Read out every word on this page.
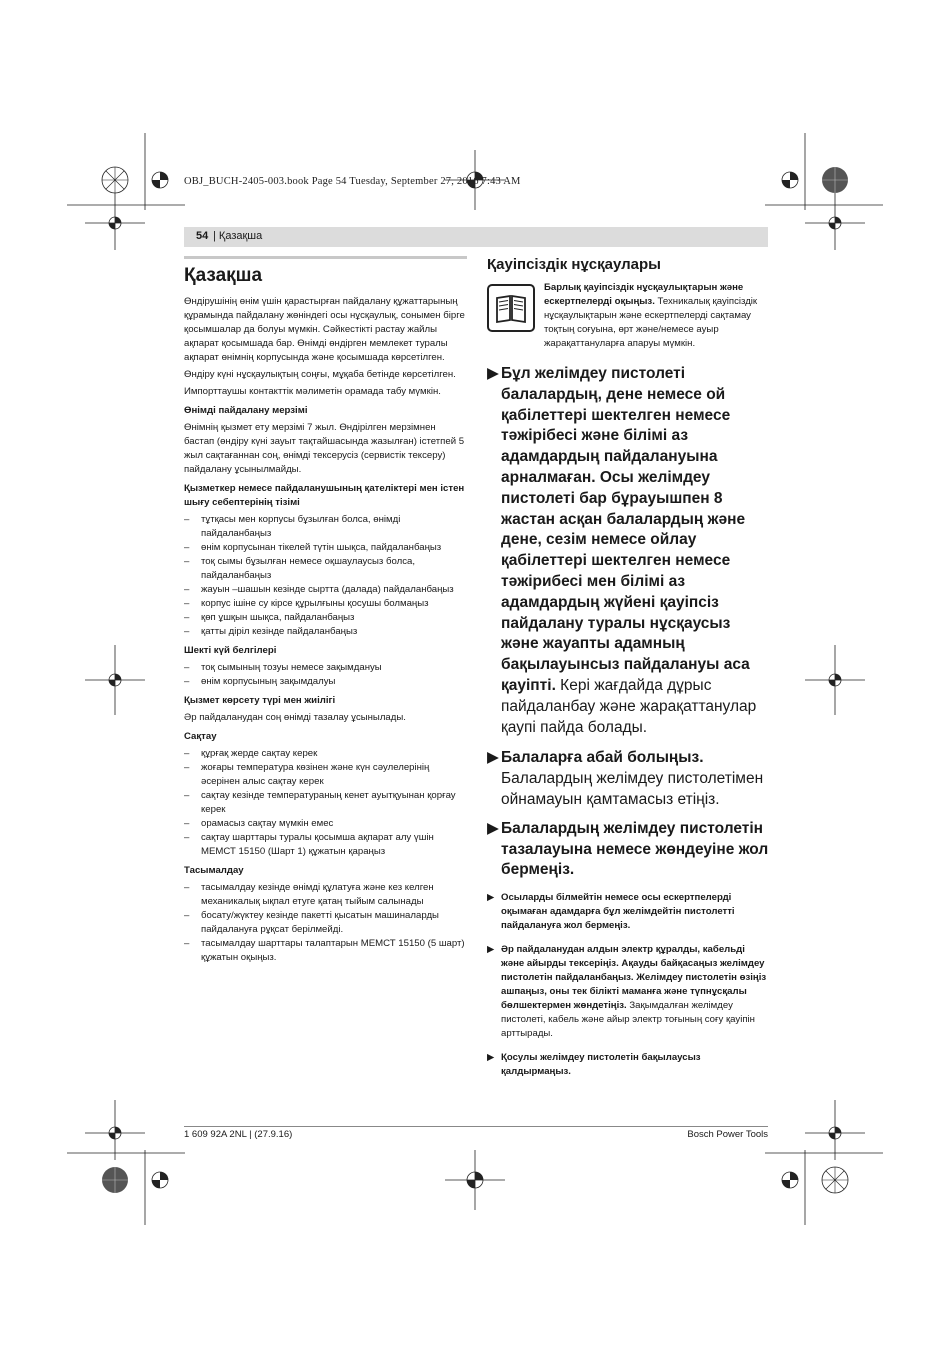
OBJ_BUCH-2405-003.book Page 54 Tuesday, September 27, 2016 7:43 AM
54 | Қазақша
Қазақша

Өндірушінің өнім үшін қарастырған пайдалану құжаттарының құрамында пайдалану жөніндегі осы нұсқаулық, сонымен бірге қосымшалар да болуы мүмкін. Сәйкестікті растау жайлы ақпарат қосымшада бар. Өнімді өндірген мемлекет туралы ақпарат өнімнің корпусында және қосымшада көрсетілген.

Өндіру күні нұсқаулықтың соңғы, мұқаба бетінде көрсетілген.

Импорттаушы контакттік мәлиметін орамада табу мүмкін.

Өнімді пайдалану мерзімі

Өнімнің қызмет ету мерзімі 7 жыл. Өндірілген мерзімнен бастап (өндіру күні зауыт тақтайшасында жазылған) істетпей 5 жыл сақтағаннан соң, өнімді тексерусіз (сервистік тексеру) пайдалану ұсынылмайды.

Қызметкер немесе пайдаланушының қателіктері мен істен шығу себептерінің тізімі
– тұтқасы мен корпусы бұзылған болса, өнімді пайдаланбаңыз
– өнім корпусынан тікелей түтін шықса, пайдаланбаңыз
– тоқ сымы бұзылған немесе оқшаулаусыз болса, пайдаланбаңыз
– жауын –шашын кезінде сыртта (далада) пайдаланбаңыз
– корпус ішіне су кірсе құрылғыны қосушы болмаңыз
– қөп ұшқын шықса, пайдаланбаңыз
– қатты діріл кезінде пайдаланбаңыз
Шекті күй белгілері
– тоқ сымының тозуы немесе зақымдануы
– өнім корпусының зақымдалуы
Қызмет көрсету түрі мен жиілігі

Әр пайдаланудан соң өнімді тазалау ұсынылады.

Сақтау
– құрғақ жерде сақтау керек
– жоғары температура көзінен және күн сәулелерінің әсерінен алыс сақтау керек
– сақтау кезінде температураның кенет ауытқуынан қорғау керек
– орамасыз сақтау мүмкін емес
– сақтау шарттары туралы қосымша ақпарат алу үшін МЕМСТ 15150 (Шарт 1) құжатын қараңыз
Тасымалдау
– тасымалдау кезінде өнімді құлатуға және кез келген механикалық ықпал етуге қатаң тыйым салынады
– босату/жүктеу кезінде пакетті қысатын машиналарды пайдалануға рұқсат берілмейді.
– тасымалдау шарттары талаптарын МЕМСТ 15150 (5 шарт) құжатын оқыңыз.
Қауіпсіздік нұсқаулары

Барлық қауіпсіздік нұсқаулықтарын және ескертпелерді оқыңыз. Техникалық қауіпсіздік нұсқаулықтарын және ескертпелерді сақтамау тоқтың соғуына, өрт және/немесе ауыр жарақаттануларға апаруы мүмкін.

▶ Бұл желімдеу пистолеті балалардың, дене немесе ой қабілеттері шектелген немесе тәжірібесі және білімі аз адамдардың пайдалануына арналмаған. Осы желімдеу пистолеті бар бұрауышпен 8 жастан асқан балалардың және дене, сезім немесе ойлау қабілеттері шектелген немесе тәжірибесі мен білімі аз адамдардың жүйені қауіпсіз пайдалану туралы нұсқаусыз және жауапты адамның бақылауынсыз пайдалануы аса қауіпті. Кері жағдайда дұрыс пайдаланбау және жарақаттанулар қаупі пайда болады.
▶ Балаларға абай болыңыз. Балалардың желімдеу пистолетімен ойнамауын қамтамасыз етіңіз.
▶ Балалардың желімдеу пистолетін тазалауына немесе жөндеуіне жол бермеңіз.
▶ Осыларды білмейтін немесе осы ескертпелерді оқымаған адамдарға бұл желімдейтін пистолетті пайдалануға жол бермеңіз.
▶ Әр пайдаланудан алдын электр құралды, кабельді және айырды тексеріңіз. Ақауды байқасаңыз желімдеу пистолетін пайдаланбаңыз. Желімдеу пистолетін өзіңіз ашпаңыз, оны тек білікті маманға және түпнұсқалы бөлшектермен жөндетіңіз. Зақымдалған желімдеу пистолеті, кабель және айыр электр тоғының соғу қауіпін арттырады.
▶ Қосулы желімдеу пистолетін бақылаусыз қалдырмаңыз.
1 609 92A 2NL | (27.9.16)	Bosch Power Tools
